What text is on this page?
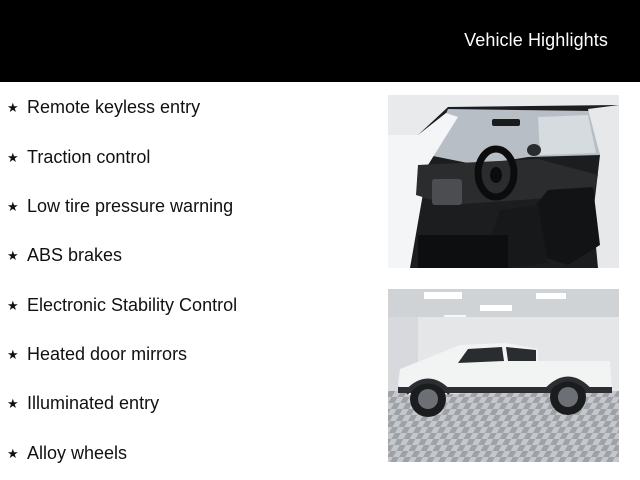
Vehicle Highlights
★ Remote keyless entry
★ Traction control
★ Low tire pressure warning
★ ABS brakes
★ Electronic Stability Control
★ Heated door mirrors
★ Illuminated entry
★ Alloy wheels
